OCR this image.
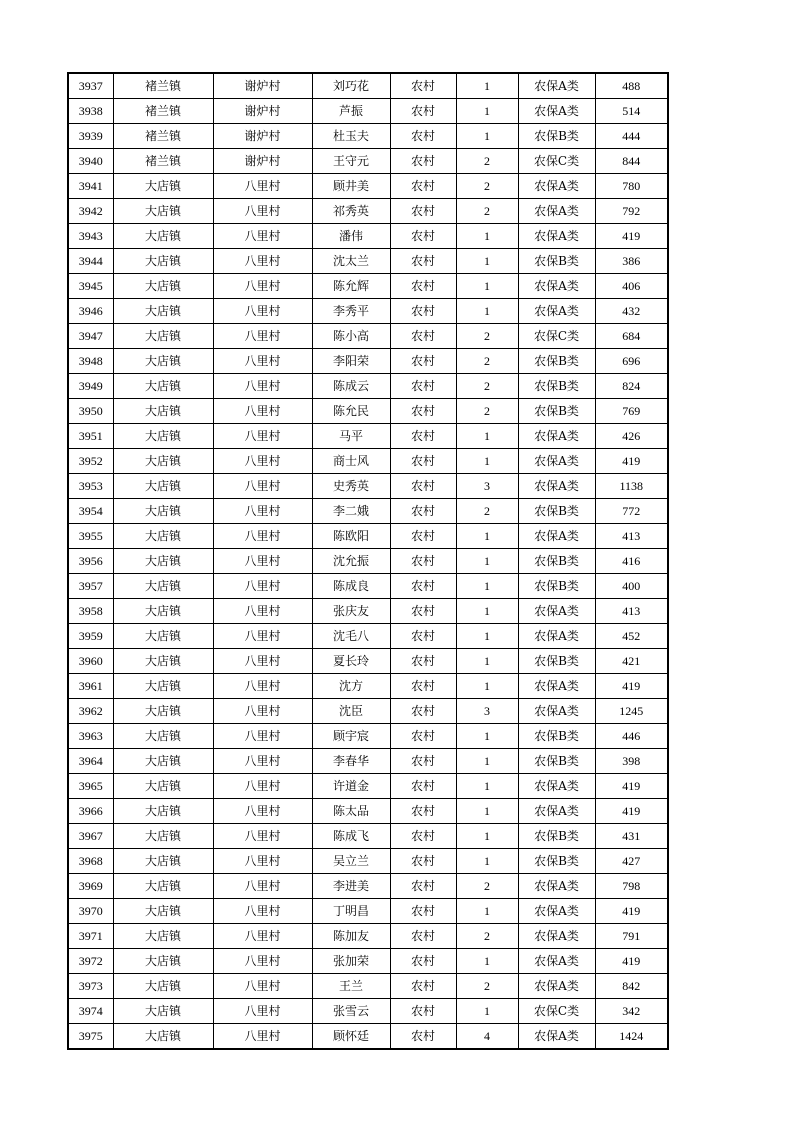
3937	褚兰镇	谢炉村	刘巧花	农村	1	农保A类	488
3938	褚兰镇	谢炉村	芦振	农村	1	农保A类	514
3939	褚兰镇	谢炉村	杜玉夫	农村	1	农保B类	444
3940	褚兰镇	谢炉村	王守元	农村	2	农保C类	844
3941	大店镇	八里村	顾井美	农村	2	农保A类	780
3942	大店镇	八里村	祁秀英	农村	2	农保A类	792
3943	大店镇	八里村	潘伟	农村	1	农保A类	419
3944	大店镇	八里村	沈太兰	农村	1	农保B类	386
3945	大店镇	八里村	陈允辉	农村	1	农保A类	406
3946	大店镇	八里村	李秀平	农村	1	农保A类	432
3947	大店镇	八里村	陈小高	农村	2	农保C类	684
3948	大店镇	八里村	李阳荣	农村	2	农保B类	696
3949	大店镇	八里村	陈成云	农村	2	农保B类	824
3950	大店镇	八里村	陈允民	农村	2	农保B类	769
3951	大店镇	八里村	马平	农村	1	农保A类	426
3952	大店镇	八里村	商士风	农村	1	农保A类	419
3953	大店镇	八里村	史秀英	农村	3	农保A类	1138
3954	大店镇	八里村	李二娥	农村	2	农保B类	772
3955	大店镇	八里村	陈欧阳	农村	1	农保A类	413
3956	大店镇	八里村	沈允振	农村	1	农保B类	416
3957	大店镇	八里村	陈成良	农村	1	农保B类	400
3958	大店镇	八里村	张庆友	农村	1	农保A类	413
3959	大店镇	八里村	沈毛八	农村	1	农保A类	452
3960	大店镇	八里村	夏长玲	农村	1	农保B类	421
3961	大店镇	八里村	沈方	农村	1	农保A类	419
3962	大店镇	八里村	沈臣	农村	3	农保A类	1245
3963	大店镇	八里村	顾宇宸	农村	1	农保B类	446
3964	大店镇	八里村	李春华	农村	1	农保B类	398
3965	大店镇	八里村	许道金	农村	1	农保A类	419
3966	大店镇	八里村	陈太品	农村	1	农保A类	419
3967	大店镇	八里村	陈成飞	农村	1	农保B类	431
3968	大店镇	八里村	吴立兰	农村	1	农保B类	427
3969	大店镇	八里村	李进美	农村	2	农保A类	798
3970	大店镇	八里村	丁明昌	农村	1	农保A类	419
3971	大店镇	八里村	陈加友	农村	2	农保A类	791
3972	大店镇	八里村	张加荣	农村	1	农保A类	419
3973	大店镇	八里村	王兰	农村	2	农保A类	842
3974	大店镇	八里村	张雪云	农村	1	农保C类	342
3975	大店镇	八里村	顾怀廷	农村	4	农保A类	1424
